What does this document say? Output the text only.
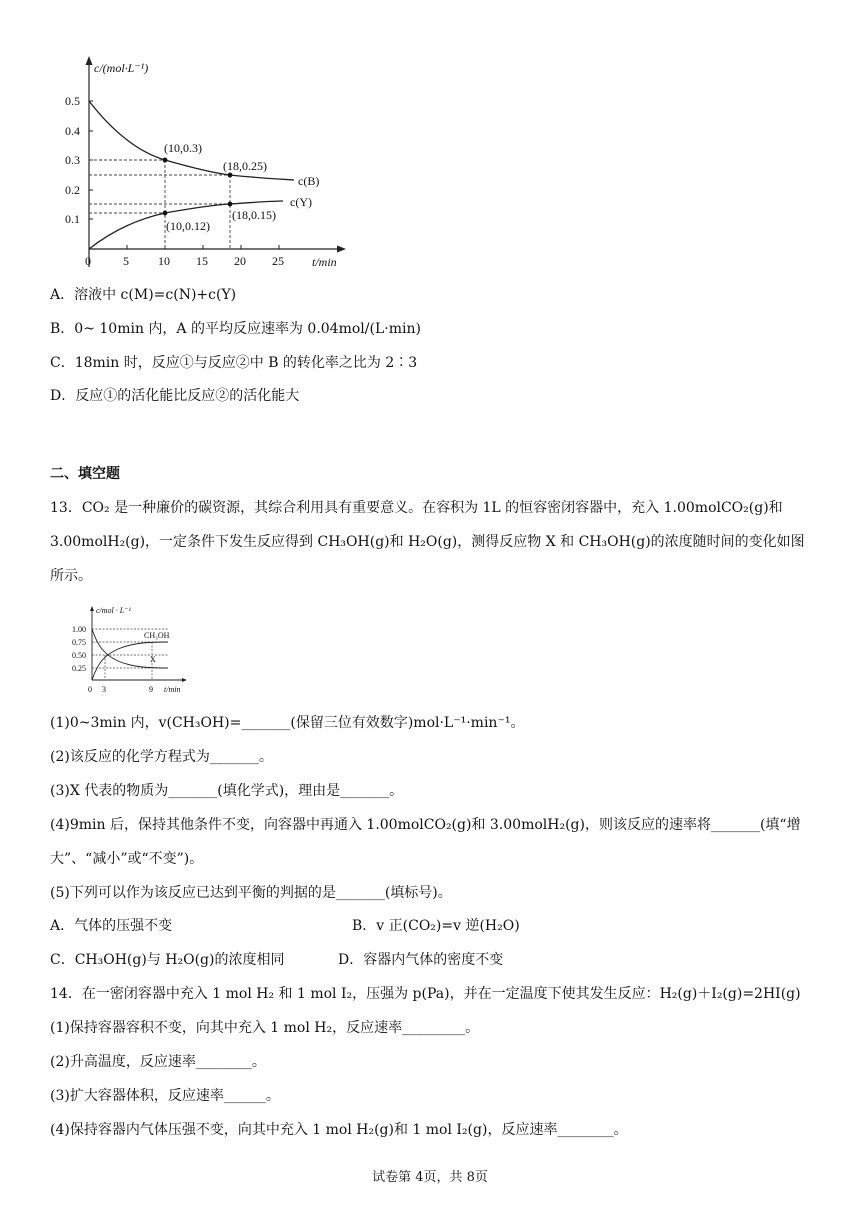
c/(mol·L⁻¹)
t/min
0.5
0.4
0.3
0.2
0.1
0	5 10 15 20 25
(10,0.3)
(18,0.25)
(10,0.12)
(18,0.15)
c(B)
c(Y)
A．溶液中 c(M)=c(N)+c(Y)
B．0~ 10min 内，A 的平均反应速率为 0.04mol/(L·min)
C．18min 时，反应①与反应②中 B 的转化率之比为 2∶3
D．反应①的活化能比反应②的活化能大
二、填空题
13．CO₂ 是一种廉价的碳资源，其综合利用具有重要意义。在容积为 1L 的恒容密闭容器中，充入 1.00molCO₂(g)和
3.00molH₂(g)，一定条件下发生反应得到 CH₃OH(g)和 H₂O(g)，测得反应物 X 和 CH₃OH(g)的浓度随时间的变化如图
所示。
c/mol · L⁻¹
t/min
1.00
0.75
0.50
0.25
0 3	9
CH₃OH
X
(1)0~3min 内，v(CH₃OH)=_______(保留三位有效数字)mol·L⁻¹·min⁻¹。
(2)该反应的化学方程式为_______。
(3)X 代表的物质为_______(填化学式)，理由是_______。
(4)9min 后，保持其他条件不变，向容器中再通入 1.00molCO₂(g)和 3.00molH₂(g)，则该反应的速率将_______(填“增
大”、“减小”或“不变”)。
(5)下列可以作为该反应已达到平衡的判据的是_______(填标号)。
A．气体的压强不变	B．v 正(CO₂)=v 逆(H₂O)
C．CH₃OH(g)与 H₂O(g)的浓度相同	D．容器内气体的密度不变
14．在一密闭容器中充入 1 mol H₂ 和 1 mol I₂，压强为 p(Pa)，并在一定温度下使其发生反应：H₂(g)＋I₂(g)=2HI(g)
(1)保持容器容积不变，向其中充入 1 mol H₂，反应速率_________。
(2)升高温度，反应速率________。
(3)扩大容器体积，反应速率______。
(4)保持容器内气体压强不变，向其中充入 1 mol H₂(g)和 1 mol I₂(g)，反应速率________。
试卷第 4页，共 8页
